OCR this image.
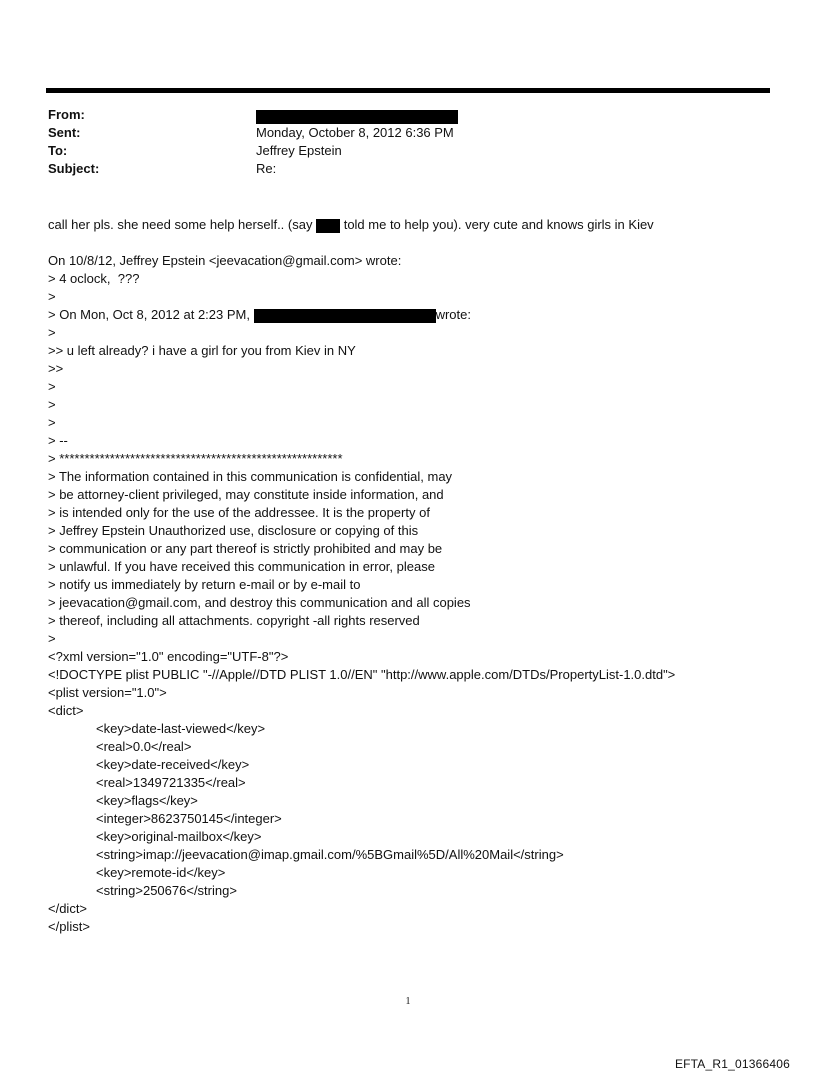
From:
Sent:	Monday, October 8, 2012 6:36 PM
To:	Jeffrey Epstein
Subject:	Re:
call her pls. she need some help herself.. (say  told me to help you). very cute and knows girls in Kiev
On 10/8/12, Jeffrey Epstein <jeevacation@gmail.com> wrote:
> 4 oclock,  ???
>
> On Mon, Oct 8, 2012 at 2:23 PM,	wrote:
>
>> u left already? i have a girl for you from Kiev in NY
>>
>
>
>
> --
> ********************************************************
> The information contained in this communication is confidential, may
> be attorney-client privileged, may constitute inside information, and
> is intended only for the use of the addressee. It is the property of
> Jeffrey Epstein Unauthorized use, disclosure or copying of this
> communication or any part thereof is strictly prohibited and may be
> unlawful. If you have received this communication in error, please
> notify us immediately by return e-mail or by e-mail to
> jeevacation@gmail.com, and destroy this communication and all copies
> thereof, including all attachments. copyright -all rights reserved
>
<?xml version="1.0" encoding="UTF-8"?>
<!DOCTYPE plist PUBLIC "-//Apple//DTD PLIST 1.0//EN" "http://www.apple.com/DTDs/PropertyList-1.0.dtd">
<plist version="1.0">
<dict>
<key>date-last-viewed</key>
<real>0.0</real>
<key>date-received</key>
<real>1349721335</real>
<key>flags</key>
<integer>8623750145</integer>
<key>original-mailbox</key>
<string>imap://jeevacation@imap.gmail.com/%5BGmail%5D/All%20Mail</string>
<key>remote-id</key>
<string>250676</string>
</dict>
</plist>
1
EFTA_R1_01366406
